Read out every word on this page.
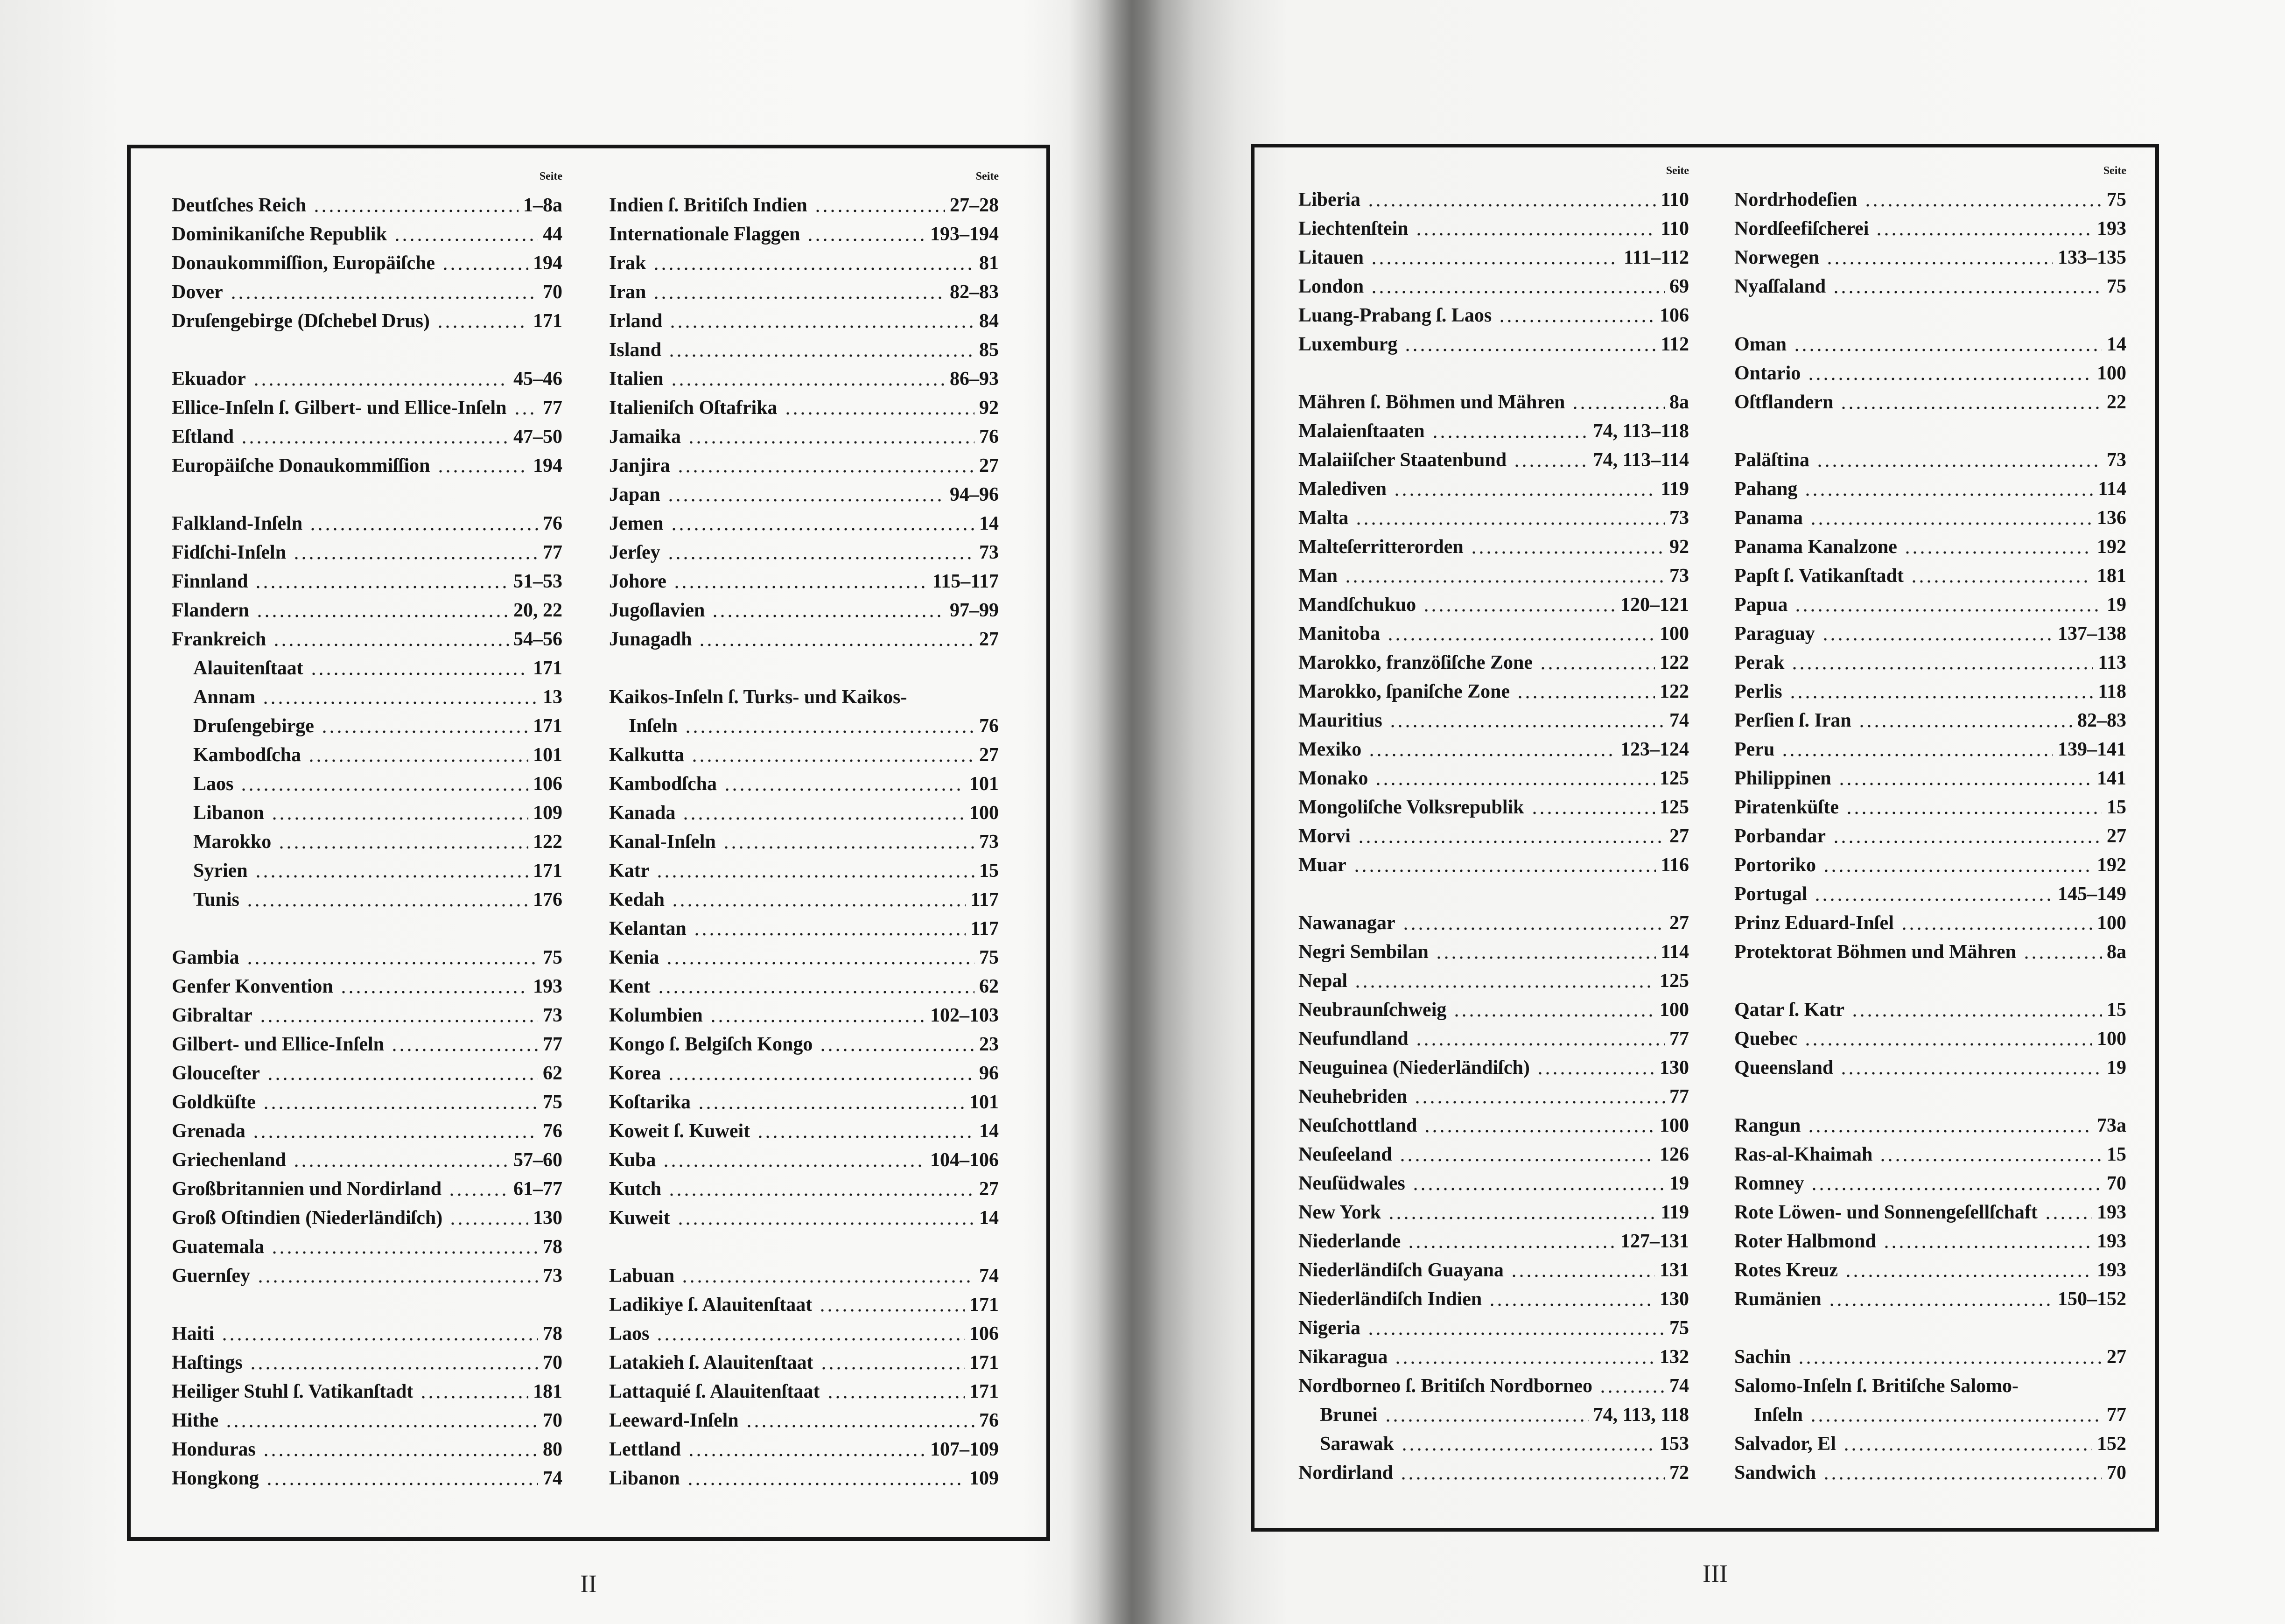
Seite
Deutſches Reich	1–8a
Dominikaniſche Republik	44
Donaukommiſſion, Europäiſche	194
Dover	70
Druſengebirge (Dſchebel Drus)	171
Ekuador	45–46
Ellice-Inſeln ſ. Gilbert- und Ellice-Inſeln 77
Eſtland	47–50
Europäiſche Donaukommiſſion	194
Falkland-Inſeln	76
Fidſchi-Inſeln	77
Finnland	51–53
Flandern	20, 22
Frankreich	54–56
Alauitenſtaat	171
Annam	13
Druſengebirge	171
Kambodſcha	101
Laos	106
Libanon	109
Marokko	122
Syrien	171
Tunis	176
Gambia	75
Genfer Konvention	193
Gibraltar	73
Gilbert- und Ellice-Inſeln	77
Glouceſter	62
Goldküſte	75
Grenada	76
Griechenland	57–60
Großbritannien und Nordirland	61–77
Groß Oſtindien (Niederländiſch)	130
Guatemala	78
Guernſey	73
Haiti	78
Haſtings	70
Heiliger Stuhl ſ. Vatikanſtadt	181
Hithe	70
Honduras	80
Hongkong	74
Seite
Indien ſ. Britiſch Indien	27–28
Internationale Flaggen	193–194
Irak	81
Iran	82–83
Irland	84
Island	85
Italien	86–93
Italieniſch Oſtafrika	92
Jamaika	76
Janjira	27
Japan	94–96
Jemen	14
Jerſey	73
Johore	115–117
Jugoſlavien	97–99
Junagadh	27
Kaikos-Inſeln ſ. Turks- und Kaikos-
Inſeln	76
Kalkutta	27
Kambodſcha	101
Kanada	100
Kanal-Inſeln	73
Katr	15
Kedah	117
Kelantan	117
Kenia	75
Kent	62
Kolumbien	102–103
Kongo ſ. Belgiſch Kongo	23
Korea	96
Koſtarika	101
Koweit ſ. Kuweit	14
Kuba	104–106
Kutch	27
Kuweit	14
Labuan	74
Ladikiye ſ. Alauitenſtaat	171
Laos	106
Latakieh ſ. Alauitenſtaat	171
Lattaquié ſ. Alauitenſtaat	171
Leeward-Inſeln	76
Lettland	107–109
Libanon	109
II
Seite
Liberia	110
Liechtenſtein	110
Litauen	111–112
London	69
Luang-Prabang ſ. Laos	106
Luxemburg	112
Mähren ſ. Böhmen und Mähren	8a
Malaienſtaaten	74, 113–118
Malaiiſcher Staatenbund	74, 113–114
Malediven	119
Malta	73
Malteſerritterorden	92
Man	73
Mandſchukuo	120–121
Manitoba	100
Marokko, franzöſiſche Zone	122
Marokko, ſpaniſche Zone	122
Mauritius	74
Mexiko	123–124
Monako	125
Mongoliſche Volksrepublik	125
Morvi	27
Muar	116
Nawanagar	27
Negri Sembilan	114
Nepal	125
Neubraunſchweig	100
Neufundland	77
Neuguinea (Niederländiſch)	130
Neuhebriden	77
Neuſchottland	100
Neuſeeland	126
Neuſüdwales	19
New York	119
Niederlande	127–131
Niederländiſch Guayana	131
Niederländiſch Indien	130
Nigeria	75
Nikaragua	132
Nordborneo ſ. Britiſch Nordborneo	74
Brunei	74, 113, 118
Sarawak	153
Nordirland	72
Seite
Nordrhodeſien	75
Nordſeefiſcherei	193
Norwegen	133–135
Nyaſſaland	75
Oman	14
Ontario	100
Oſtflandern	22
Paläſtina	73
Pahang	114
Panama	136
Panama Kanalzone	192
Papſt ſ. Vatikanſtadt	181
Papua	19
Paraguay	137–138
Perak	113
Perlis	118
Perſien ſ. Iran	82–83
Peru	139–141
Philippinen	141
Piratenküſte	15
Porbandar	27
Portoriko	192
Portugal	145–149
Prinz Eduard-Inſel	100
Protektorat Böhmen und Mähren	8a
Qatar ſ. Katr	15
Quebec	100
Queensland	19
Rangun	73a
Ras-al-Khaimah	15
Romney	70
Rote Löwen- und Sonnengeſellſchaft	193
Roter Halbmond	193
Rotes Kreuz	193
Rumänien	150–152
Sachin	27
Salomo-Inſeln ſ. Britiſche Salomo-
Inſeln	77
Salvador, El	152
Sandwich	70
III
